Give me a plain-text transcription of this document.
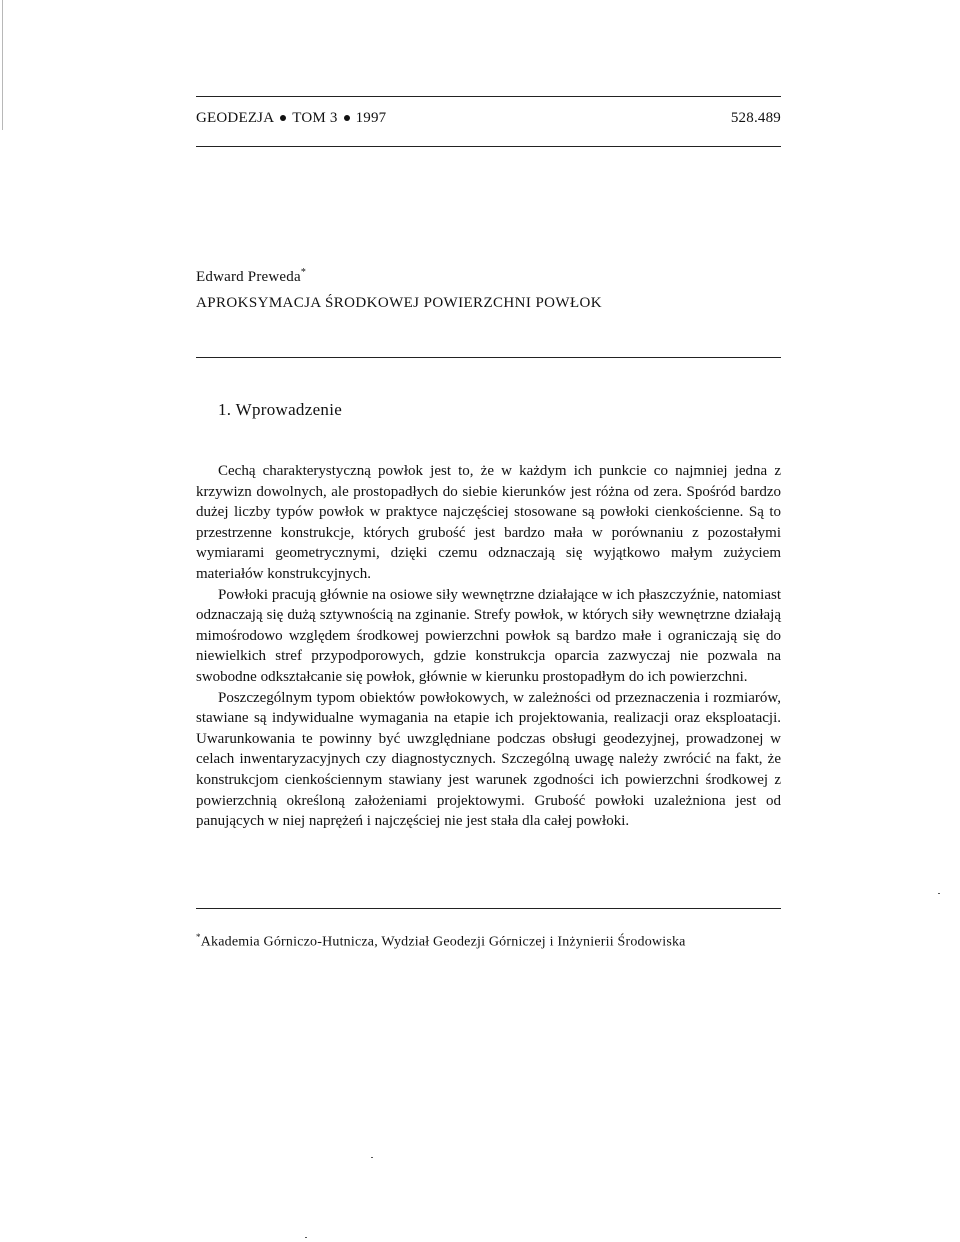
GEODEZJA TOM 3 1997	528.489
Edward Preweda*
APROKSYMACJA ŚRODKOWEJ POWIERZCHNI POWŁOK
1. Wprowadzenie

Cechą charakterystyczną powłok jest to, że w każdym ich punkcie co najmniej jedna z krzywizn dowolnych, ale prostopadłych do siebie kierunków jest różna od zera. Spośród bardzo dużej liczby typów powłok w praktyce najczęściej stosowane są powłoki cienkościenne. Są to przestrzenne konstrukcje, których grubość jest bardzo mała w porównaniu z pozostałymi wymiarami geometrycznymi, dzięki czemu odznaczają się wyjątkowo małym zużyciem materiałów konstrukcyjnych.

Powłoki pracują głównie na osiowe siły wewnętrzne działające w ich płaszczyźnie, natomiast odznaczają się dużą sztywnością na zginanie. Strefy powłok, w których siły wewnętrzne działają mimośrodowo względem środkowej powierzchni powłok są bardzo małe i ograniczają się do niewielkich stref przypodporowych, gdzie konstrukcja oparcia zazwyczaj nie pozwala na swobodne odkształcanie się powłok, głównie w kierunku prostopadłym do ich powierzchni.

Poszczególnym typom obiektów powłokowych, w zależności od przeznaczenia i rozmiarów, stawiane są indywidualne wymagania na etapie ich projektowania, realizacji oraz eksploatacji. Uwarunkowania te powinny być uwzględniane podczas obsługi geodezyjnej, prowadzonej w celach inwentaryzacyjnych czy diagnostycznych. Szczególną uwagę należy zwrócić na fakt, że konstrukcjom cienkościennym stawiany jest warunek zgodności ich powierzchni środkowej z powierzchnią określoną założeniami projektowymi. Grubość powłoki uzależniona jest od panujących w niej naprężeń i najczęściej nie jest stała dla całej powłoki.

*Akademia Górniczo-Hutnicza, Wydział Geodezji Górniczej i Inżynierii Środowiska
